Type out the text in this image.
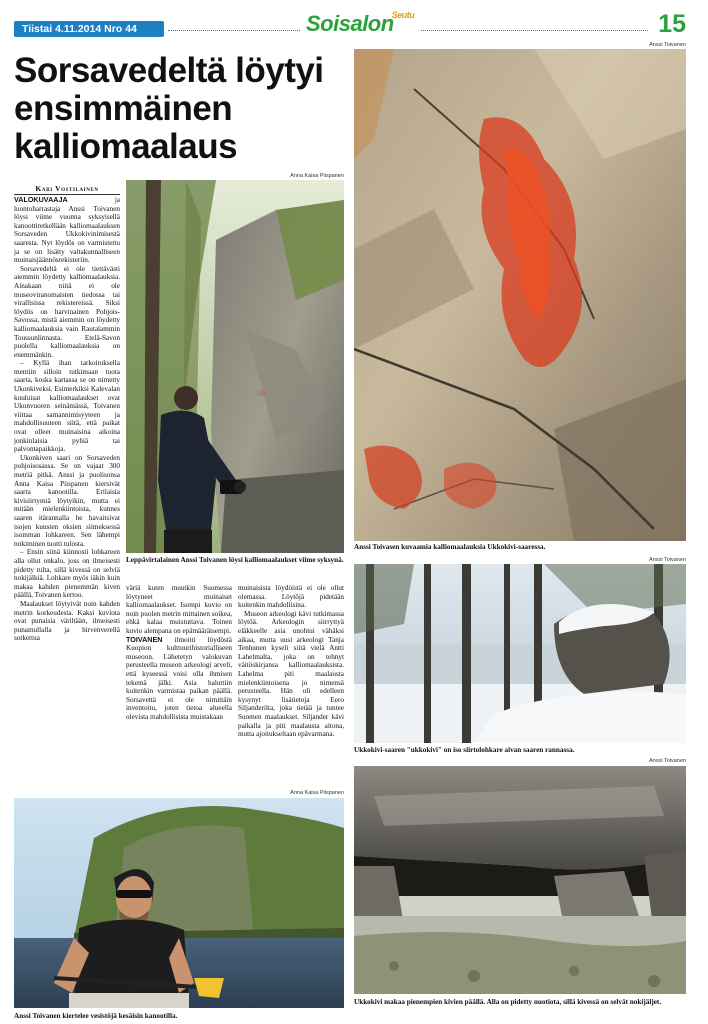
Tiistai 4.11.2014 Nro 44	Soisalon$^{Seutu}$	15
Sorsavedeltä löytyi ensimmäinen kalliomaalaus
Kari Vostilainen
Anna Kaisa Piispanen
Leppävirtalainen Anssi Toivanen löysi kalliomaalaukset viime syksynä.
Anssi Toivanen
Anssi Toivasen kuvaamia kalliomaalauksia Ukkokivi-saaressa.

VALOKUVAAJA ja luontoharrastaja Anssi Toivanen löysi viime vuonna syksyisellä kanoottiretkellään kalliomaalauksen Sorsaveden Ukkokivinimisestä saaresta. Nyt löydös on varmistettu ja se on lisätty valtakunnalliseen muinaisjäännösrekisteriin.

Sorsavedeltä ei ole tiettävästi aiemmin löydetty kalliomaalauksia. Ainakaan niitä ei ole museoviranomaisten tiedossa tai virallisissa rekistereissä. Siksi löydös on harvinainen Pohjois-Savossa, mistä aiemmin on löydetty kalliomaalauksia vain Rautalammin Toussunlinnasta. Etelä-Savon puolella kalliomaalauksia on enemmänkin.

– Kyllä ihan tarkoituksella mentiin silloin tutkimaan tuota saarta, koska kartassa se on nimetty Ukonkiveksi. Esimerkiksi Kalevalan kuuluisat kalliomaalaukset ovat Ukonvuoren seinämässä, Toivanen viittaa samannimisyyteen ja mahdollisuuteen siitä, että paikat ovat olleet muinaisina aikoina jonkinlaisia pyhiä tai palvontapaikkoja.

Ukonkiven saari on Sorsaveden pohjoisosassa. Se on vajaat 300 metriä pitkä. Anssi ja puolisonsa Anna Kaisa Piispanen kiersivät saarta kanootilla. Erilaisia kivisiirtymiä löytyikin, mutta ei mitään mielenkiintoista, kunnes saaren itärannalla he havaitsivat isojen kuusten oksien siimeksessä isomman lohkareen. Sen lähempi tutkiminen tuotti tulosta.

– Ensin siinä kiinnosti lohkareen alla ollut onkalo, joss on ilmeisesti pidetty tulta, sillä kivessä on selviä nokijälkiä. Lohkare myös iäkin kuin makaa kahden pienemmän kiven päällä, Toivanen kertoo.

Maalaukset löytyivät noin kahden metrin korkeudesta. Kaksi kuviota ovat punaisia väriltään, ilmeisesti punamullalla ja hirvenverellä sotkettua

väriä kuten muutkin Suomessa löytyneet muinaiset kalliomaalaukset. Isompi kuvio on noin puolen metrin mittainen soikea, ehkä kalaa muistuttava. Toinen kuvio alempana on epämääräisempi.

TOIVANEN ilmoitti löydöstä Kuopion kulttuurihistorialliseen museoon. Lähetetyn valokuvan perusteella museon arkeologi arveli, että kyseessä voisi olla ihmisen tekemä jälki. Asia haluttiin kuitenkin varmistaa paikan päällä. Sorsavettä ei ole nimittäin inventoitu, joten tietoa alueella olevista mahdollisista muistakaan

muinaisista löydöistä ei ole ollut olemassa. Löytöjä pidetään kuitenkin mahdollisina.

Museon arkeologi kävi tutkimassa löytöä. Arkeologin siirryttyä eläkkeelle asia unohtui vähäksi aikaa, mutta uusi arkeologi Tanja Tenhunen kyseli siitä vielä Antti Lahelmalta, joka on tehnyt väitöskirjansa kalliomaalauksista. Lahelma piti maalausta mielenkiintoisena jo nimensä perusteella. Hän oli edelleen kysynyt lisätietoja Eero Siljanderilta, joka tietää ja tuntee Suomen maalaukset. Siljander kävi paikalla ja piti maalausta aitona, mutta ajoitukseltaan epävarmana.

Anssi Toivanen
Ukkokivi-saaren "ukkokivi" on iso siirtolohkare aivan saaren rannassa.
Anna Kaisa Piispanen
Anssi Toivanen kiertelee vesistöjä kesäisin kanootilla.
Anssi Toivanen
Ukkokivi makaa pienempien kivien päällä. Alla on pidetty nuotiota, sillä kivessä on selvät nokijäljet.
